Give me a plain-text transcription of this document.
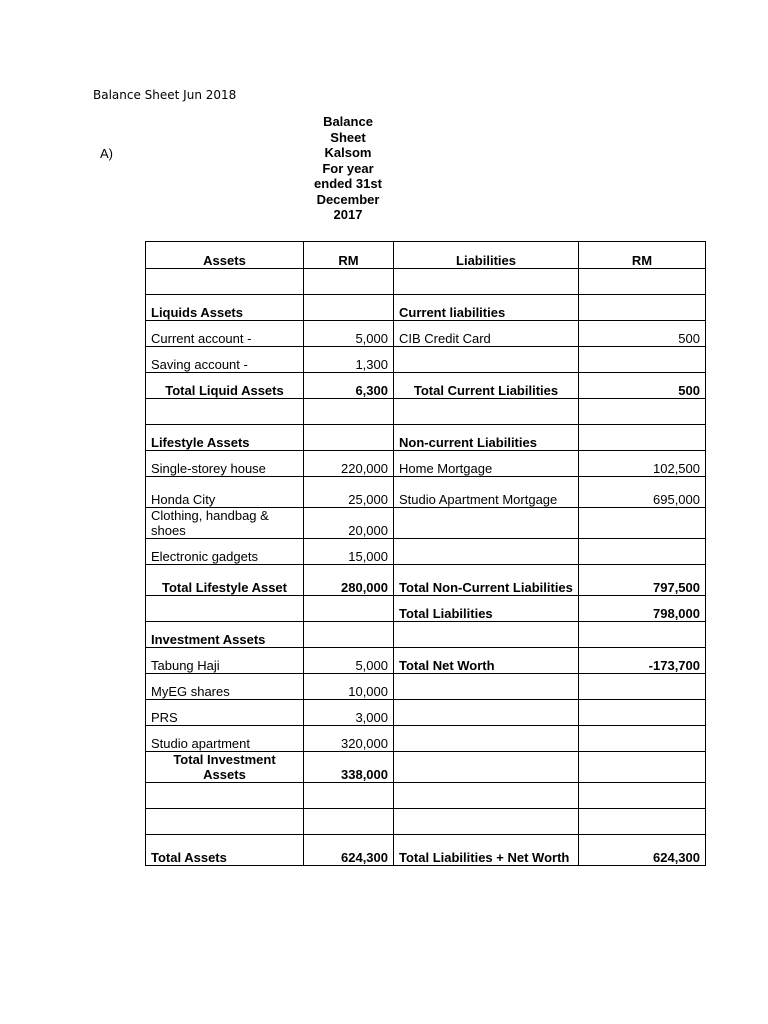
Balance Sheet Jun 2018
A)
Balance
Sheet
Kalsom
For year
ended 31st
December
2017
Assets	RM	Liabilities	RM

Liquids Assets		Current liabilities	
Current account -	5,000	CIB Credit Card	500
Saving account -	1,300		
Total Liquid Assets	6,300	Total Current Liabilities	500

Lifestyle Assets		Non-current Liabilities	
Single-storey house	220,000	Home Mortgage	102,500
Honda City	25,000	Studio Apartment Mortgage	695,000
Clothing, handbag & shoes	20,000		
Electronic gadgets	15,000		
Total Lifestyle Asset	280,000	Total Non-Current Liabilities	797,500
		Total Liabilities	798,000
Investment Assets			
Tabung Haji	5,000	Total Net Worth	-173,700
MyEG shares	10,000		
PRS	3,000		
Studio apartment	320,000		
Total Investment Assets	338,000		

Total Assets	624,300	Total Liabilities + Net Worth	624,300
